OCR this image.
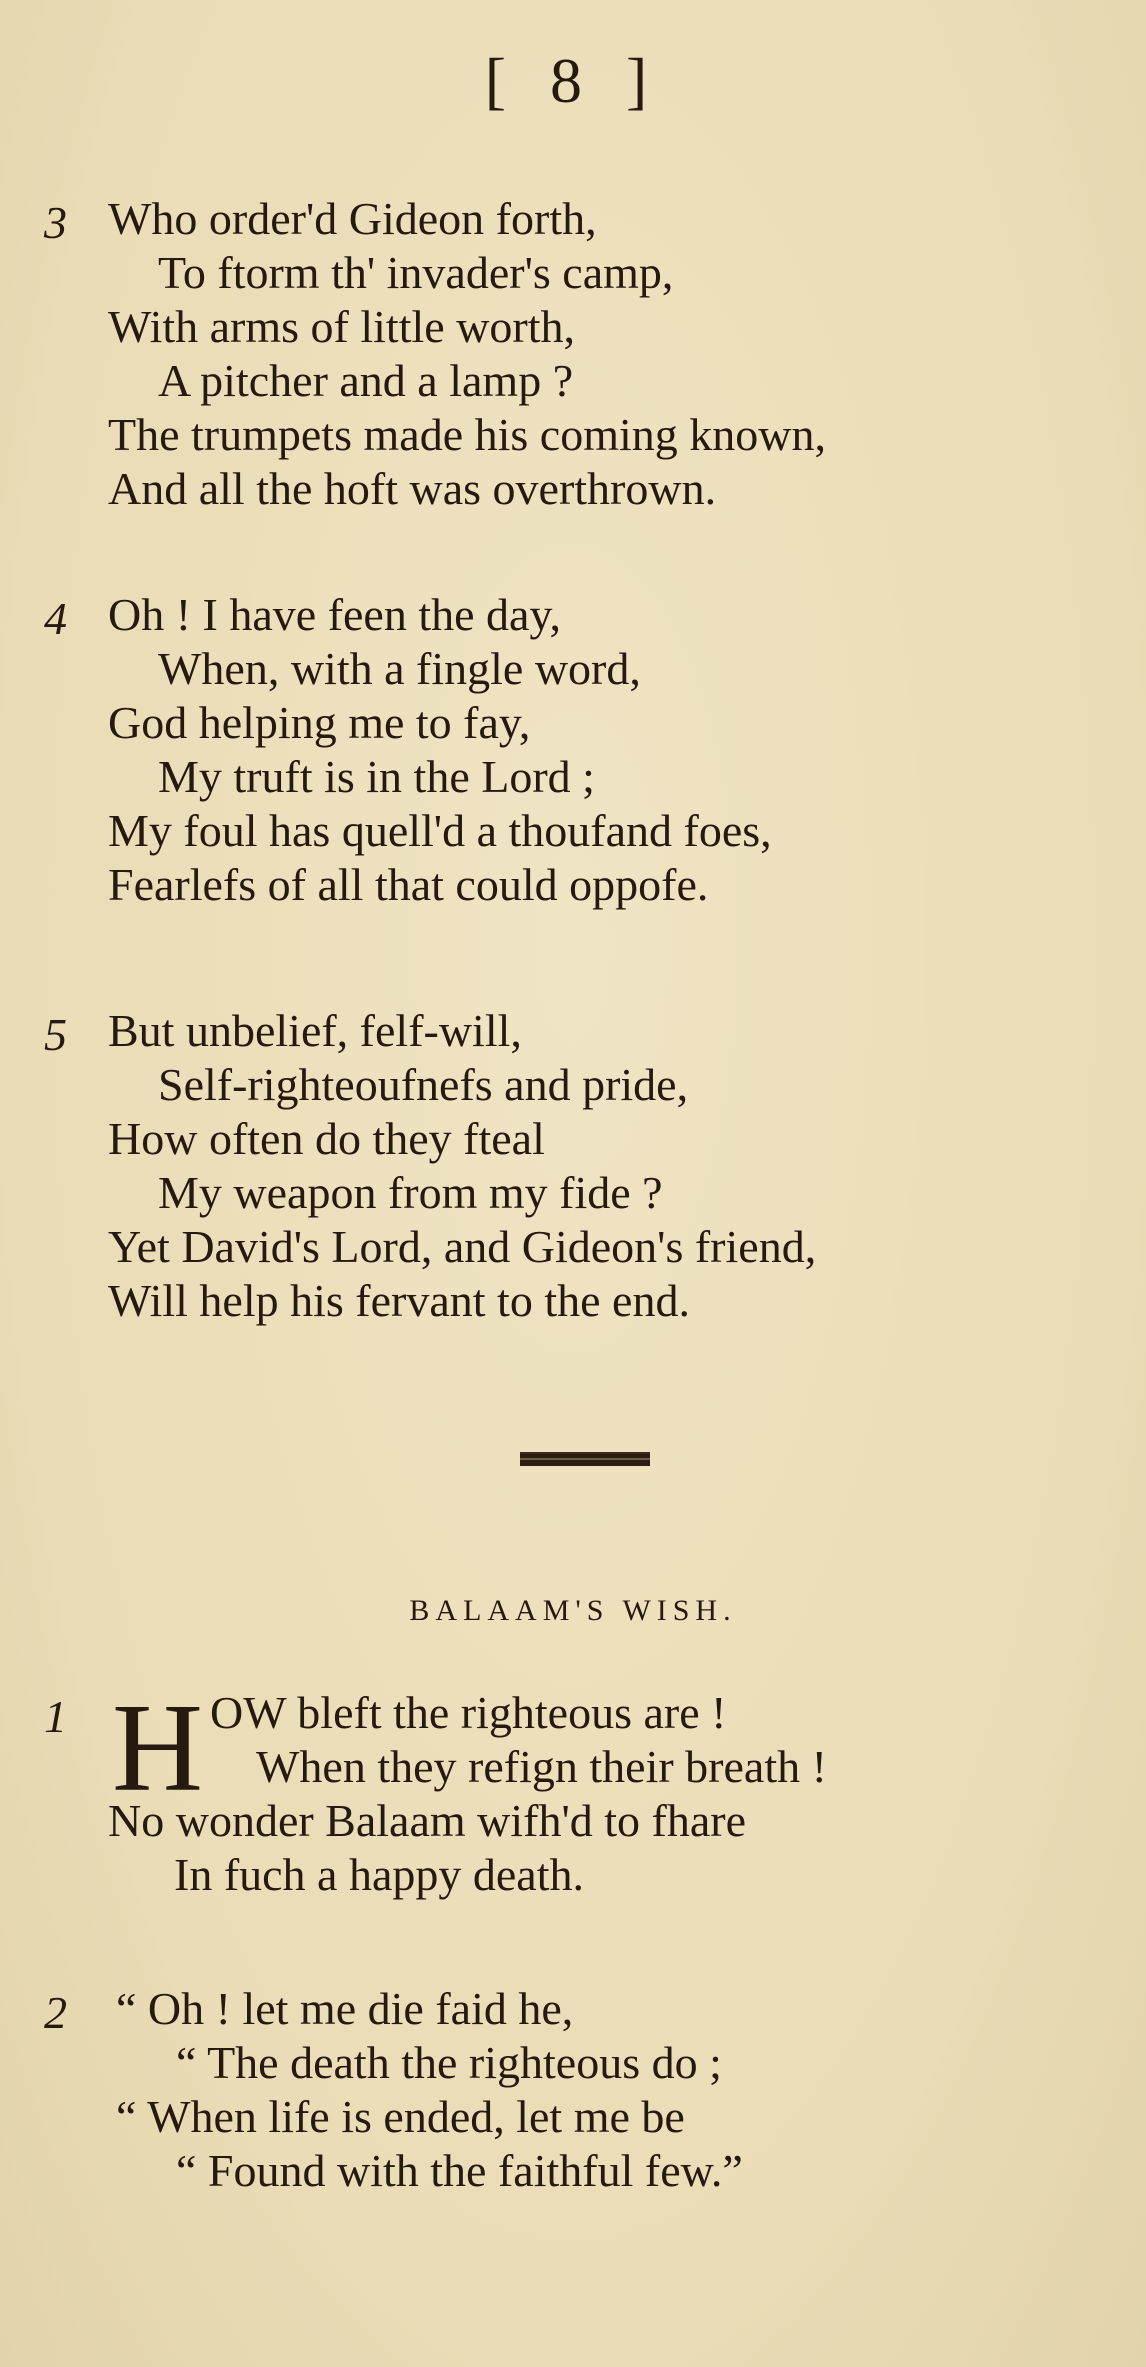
[ 8 ]
3 Who order'd Gideon forth,
To ftorm th' invader's camp,
With arms of little worth,
A pitcher and a lamp ?
The trumpets made his coming known,
And all the hoft was overthrown.
4 Oh ! I have feen the day,
When, with a fingle word,
God helping me to fay,
My truft is in the Lord ;
My foul has quell'd a thoufand foes,
Fearlefs of all that could oppofe.
5 But unbelief, felf-will,
Self-righteoufnefs and pride,
How often do they fteal
My weapon from my fide ?
Yet David's Lord, and Gideon's friend,
Will help his fervant to the end.
BALAAM'S WISH.
1 H OW bleft the righteous are !
When they refign their breath !
No wonder Balaam wifh'd to fhare
In fuch a happy death.
2 “ Oh ! let me die faid he,
“ The death the righteous do ;
“ When life is ended, let me be
“ Found with the faithful few.”
